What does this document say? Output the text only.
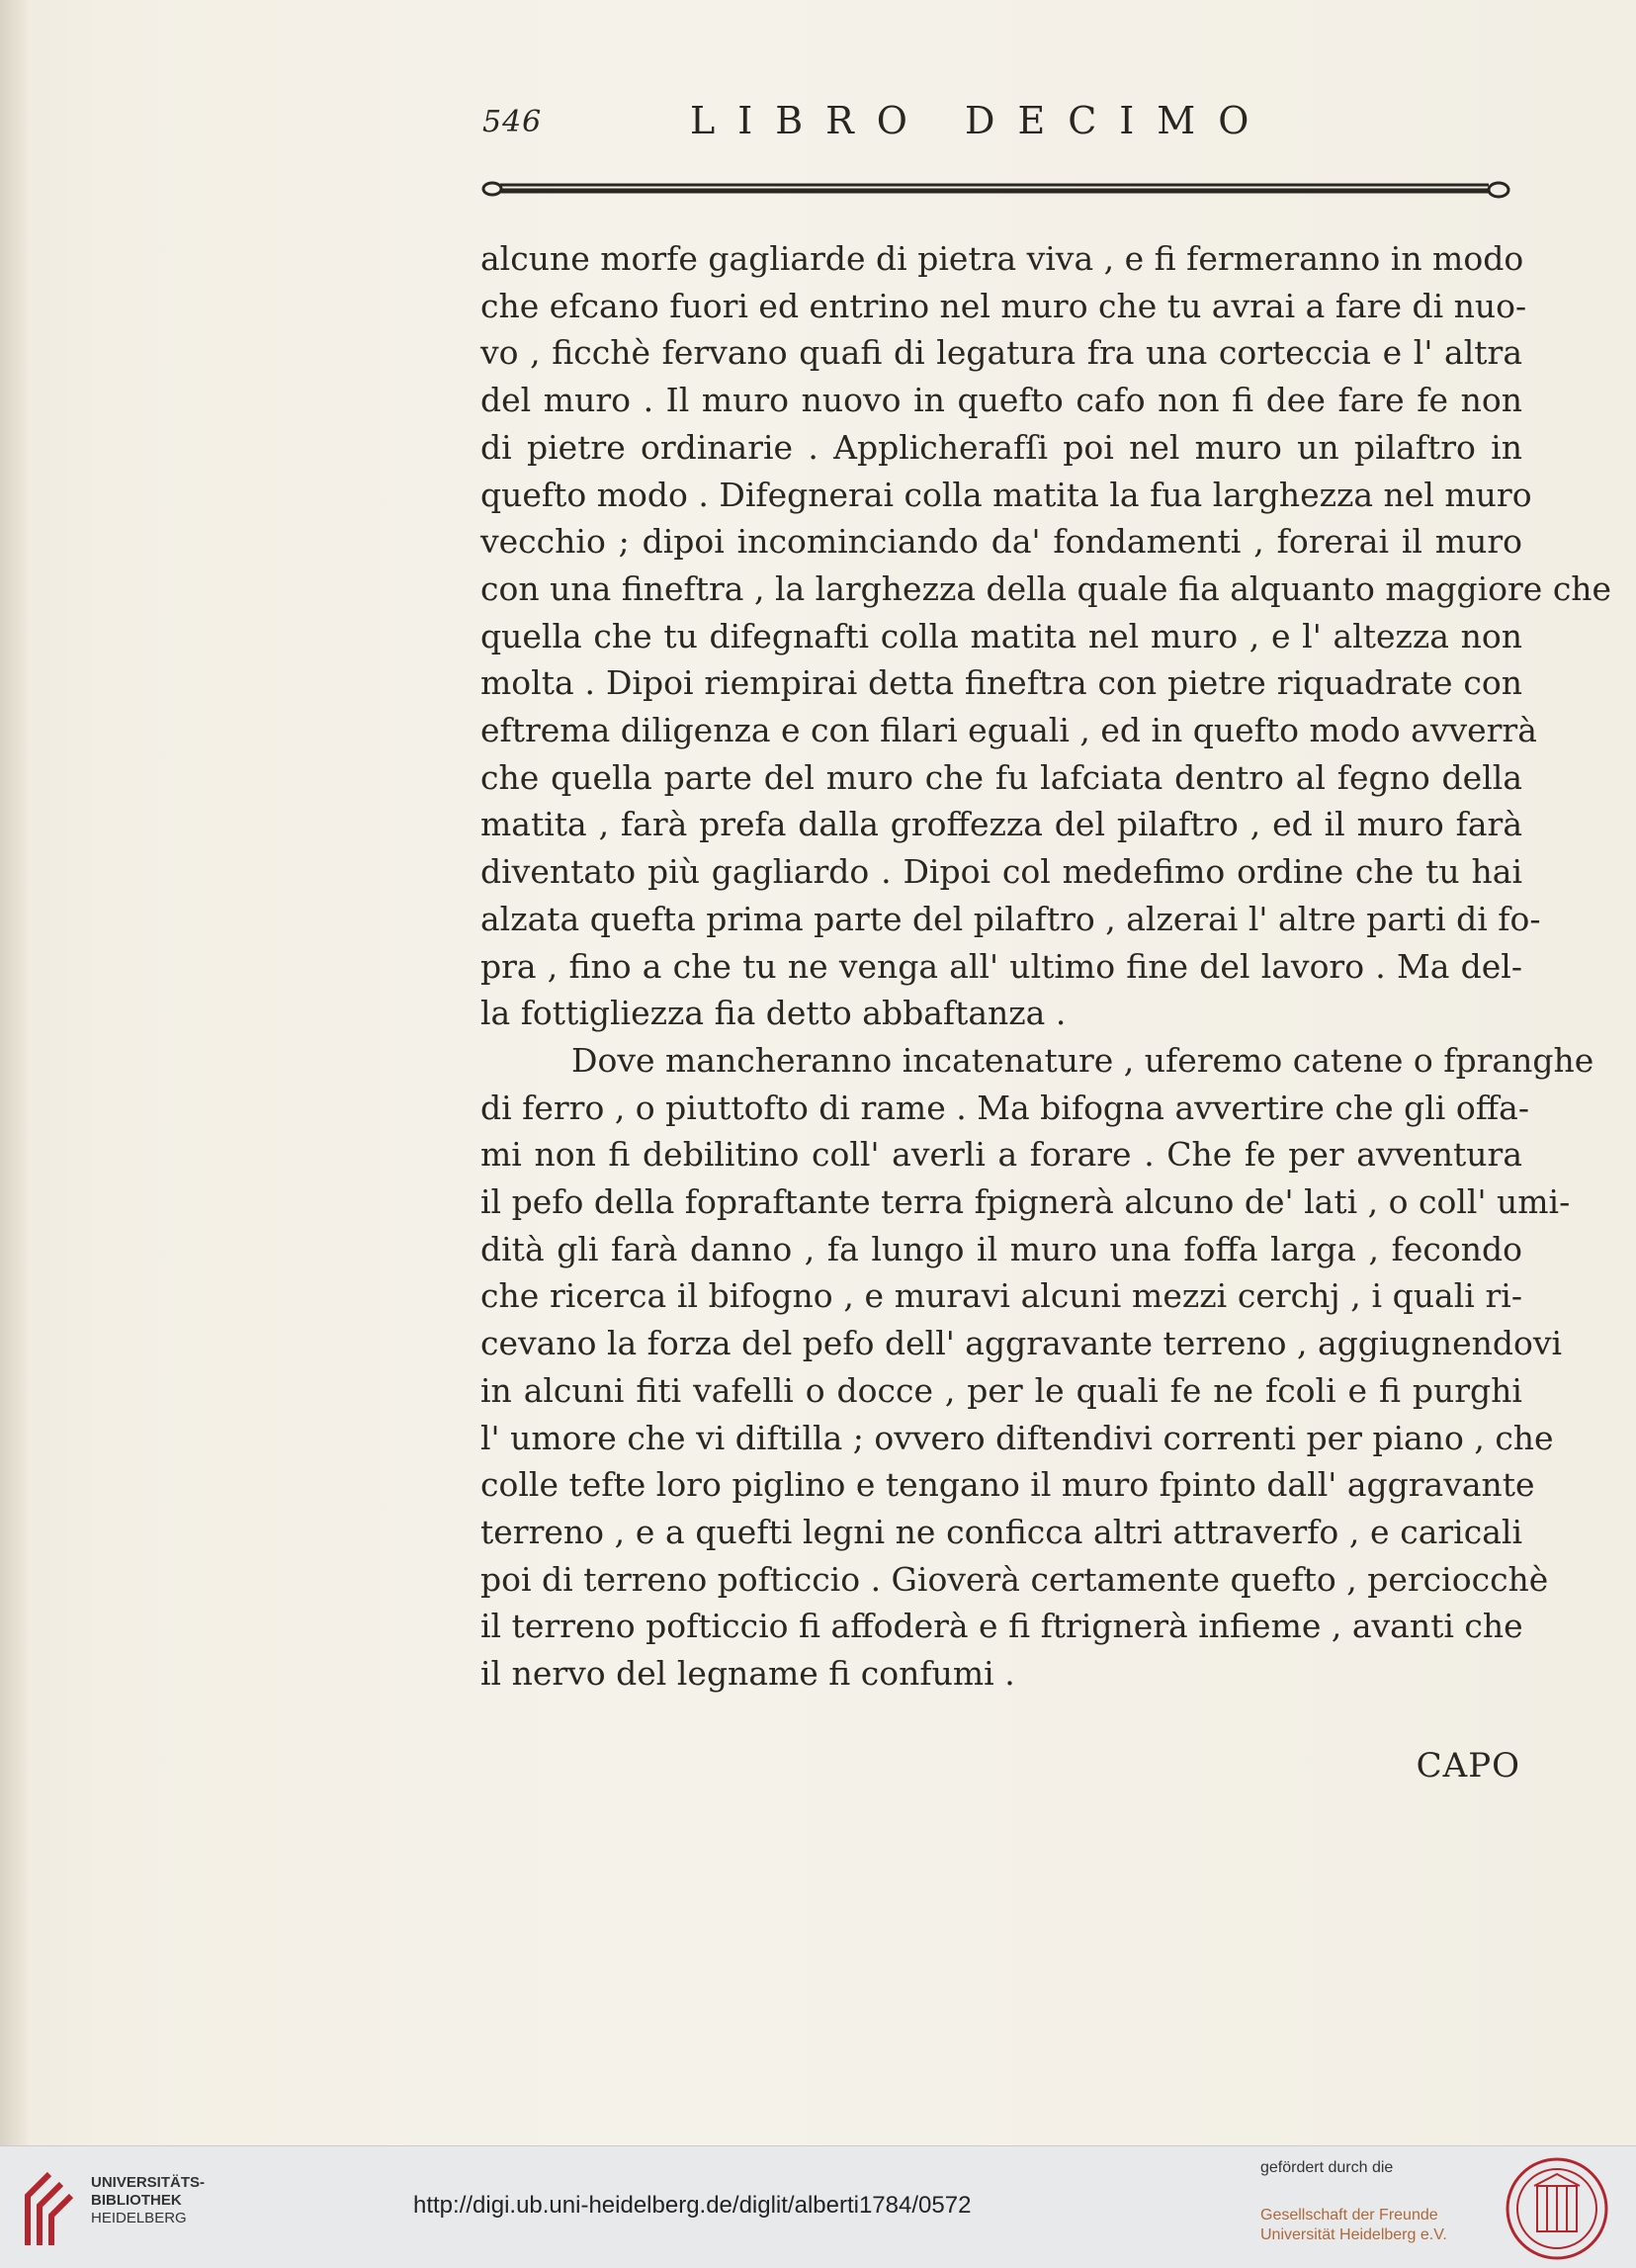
546	LIBRO DECIMO
alcune morfe gagliarde di pietra viva , e fi fermeranno in modo
che efcano fuori ed entrino nel muro che tu avrai a fare di nuo-
vo , ficchè fervano quafi di legatura fra una corteccia e l' altra
del muro . Il muro nuovo in quefto cafo non fi dee fare fe non
di pietre ordinarie . Applicherafſi poi nel muro un pilaftro in
quefto modo . Difegnerai colla matita la fua larghezza nel muro
vecchio ; dipoi incominciando da' fondamenti , forerai il muro
con una fineftra , la larghezza della quale fia alquanto maggiore che
quella che tu difegnafti colla matita nel muro , e l' altezza non
molta . Dipoi riempirai detta fineftra con pietre riquadrate con
eftrema diligenza e con filari eguali , ed in quefto modo avverrà
che quella parte del muro che fu lafciata dentro al fegno della
matita , farà prefa dalla groffezza del pilaftro , ed il muro farà
diventato più gagliardo . Dipoi col medefimo ordine che tu hai
alzata quefta prima parte del pilaftro , alzerai l' altre parti di fo-
pra , fino a che tu ne venga all' ultimo fine del lavoro . Ma del-
la fottigliezza fia detto abbaftanza .
Dove mancheranno incatenature , uferemo catene o fpranghe
di ferro , o piuttofto di rame . Ma bifogna avvertire che gli offa-
mi non fi debilitino coll' averli a forare . Che fe per avventura
il pefo della fopraftante terra fpignerà alcuno de' lati , o coll' umi-
dità gli farà danno , fa lungo il muro una foffa larga , fecondo
che ricerca il bifogno , e muravi alcuni mezzi cerchj , i quali ri-
cevano la forza del pefo dell' aggravante terreno , aggiugnendovi
in alcuni fiti vafelli o docce , per le quali fe ne fcoli e fi purghi
l' umore che vi diftilla ; ovvero diftendivi correnti per piano , che
colle tefte loro piglino e tengano il muro fpinto dall' aggravante
terreno , e a quefti legni ne conficca altri attraverfo , e caricali
poi di terreno pofticcio . Gioverà certamente quefto , perciocchè
il terreno pofticcio fi affoderà e fi ftrignerà infieme , avanti che
il nervo del legname fi confumi .
CAPO
UNIVERSITÄTS-
BIBLIOTHEK
HEIDELBERG	http://digi.ub.uni-heidelberg.de/diglit/alberti1784/0572
gefördert durch die
Gesellschaft der Freunde
Universität Heidelberg e.V.
